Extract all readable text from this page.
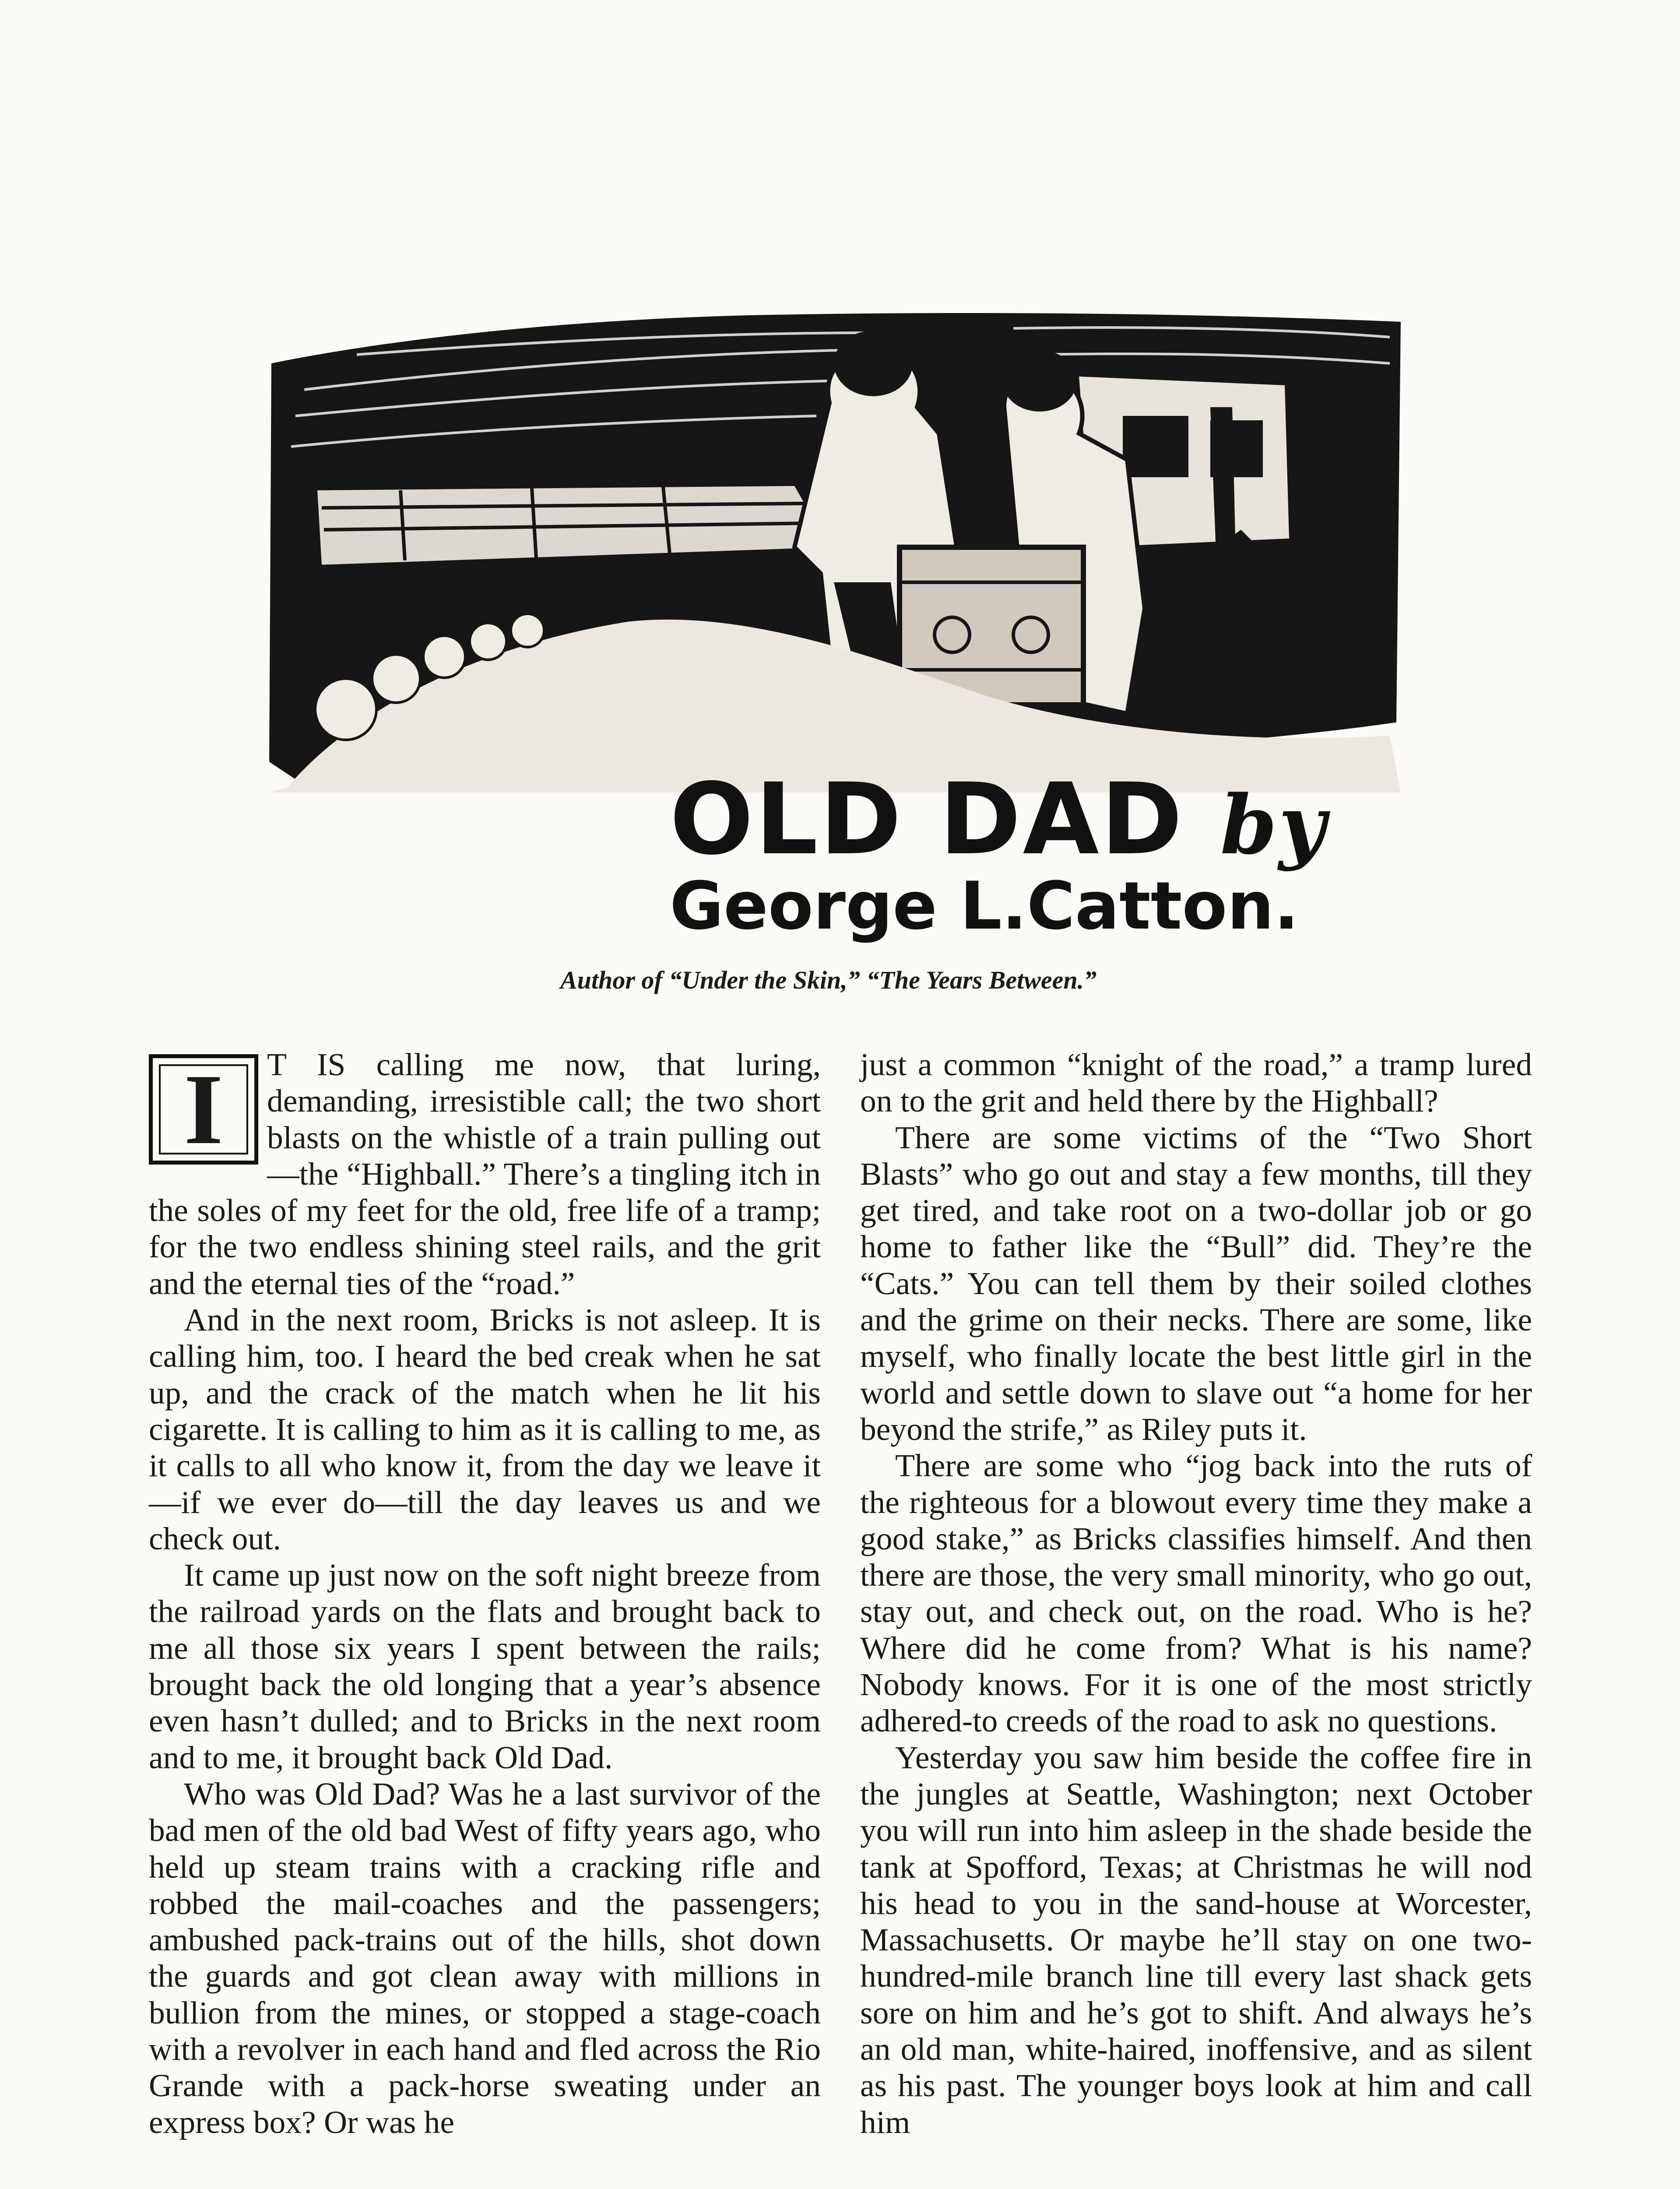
OLD DAD by
George L.Catton.
Author of “Under the Skin,” “The Years Between.”
I	T IS calling me now, that luring, demanding, irresistible call; the two short blasts on the whistle of a train pulling out—the “Highball.” There’s a tingling itch in the soles of my feet for the old, free life of a tramp; for the two endless shining steel rails, and the grit and the eternal ties of the “road.”

And in the next room, Bricks is not asleep. It is calling him, too. I heard the bed creak when he sat up, and the crack of the match when he lit his cigarette. It is calling to him as it is calling to me, as it calls to all who know it, from the day we leave it—if we ever do—till the day leaves us and we check out.

It came up just now on the soft night breeze from the railroad yards on the flats and brought back to me all those six years I spent between the rails; brought back the old longing that a year’s absence even hasn’t dulled; and to Bricks in the next room and to me, it brought back Old Dad.

Who was Old Dad? Was he a last survivor of the bad men of the old bad West of fifty years ago, who held up steam trains with a cracking rifle and robbed the mail-coaches and the passengers; ambushed pack-trains out of the hills, shot down the guards and got clean away with millions in bullion from the mines, or stopped a stage-coach with a revolver in each hand and fled across the Rio Grande with a pack-horse sweating under an express box? Or was he

just a common “knight of the road,” a tramp lured on to the grit and held there by the Highball?

There are some victims of the “Two Short Blasts” who go out and stay a few months, till they get tired, and take root on a two-dollar job or go home to father like the “Bull” did. They’re the “Cats.” You can tell them by their soiled clothes and the grime on their necks. There are some, like myself, who finally locate the best little girl in the world and settle down to slave out “a home for her beyond the strife,” as Riley puts it.

There are some who “jog back into the ruts of the righteous for a blowout every time they make a good stake,” as Bricks classifies himself. And then there are those, the very small minority, who go out, stay out, and check out, on the road. Who is he? Where did he come from? What is his name? Nobody knows. For it is one of the most strictly adhered-to creeds of the road to ask no questions.

Yesterday you saw him beside the coffee fire in the jungles at Seattle, Washington; next October you will run into him asleep in the shade beside the tank at Spofford, Texas; at Christmas he will nod his head to you in the sand-house at Worcester, Massachusetts. Or maybe he’ll stay on one two-hundred-mile branch line till every last shack gets sore on him and he’s got to shift. And always he’s an old man, white-haired, inoffensive, and as silent as his past. The younger boys look at him and call him
